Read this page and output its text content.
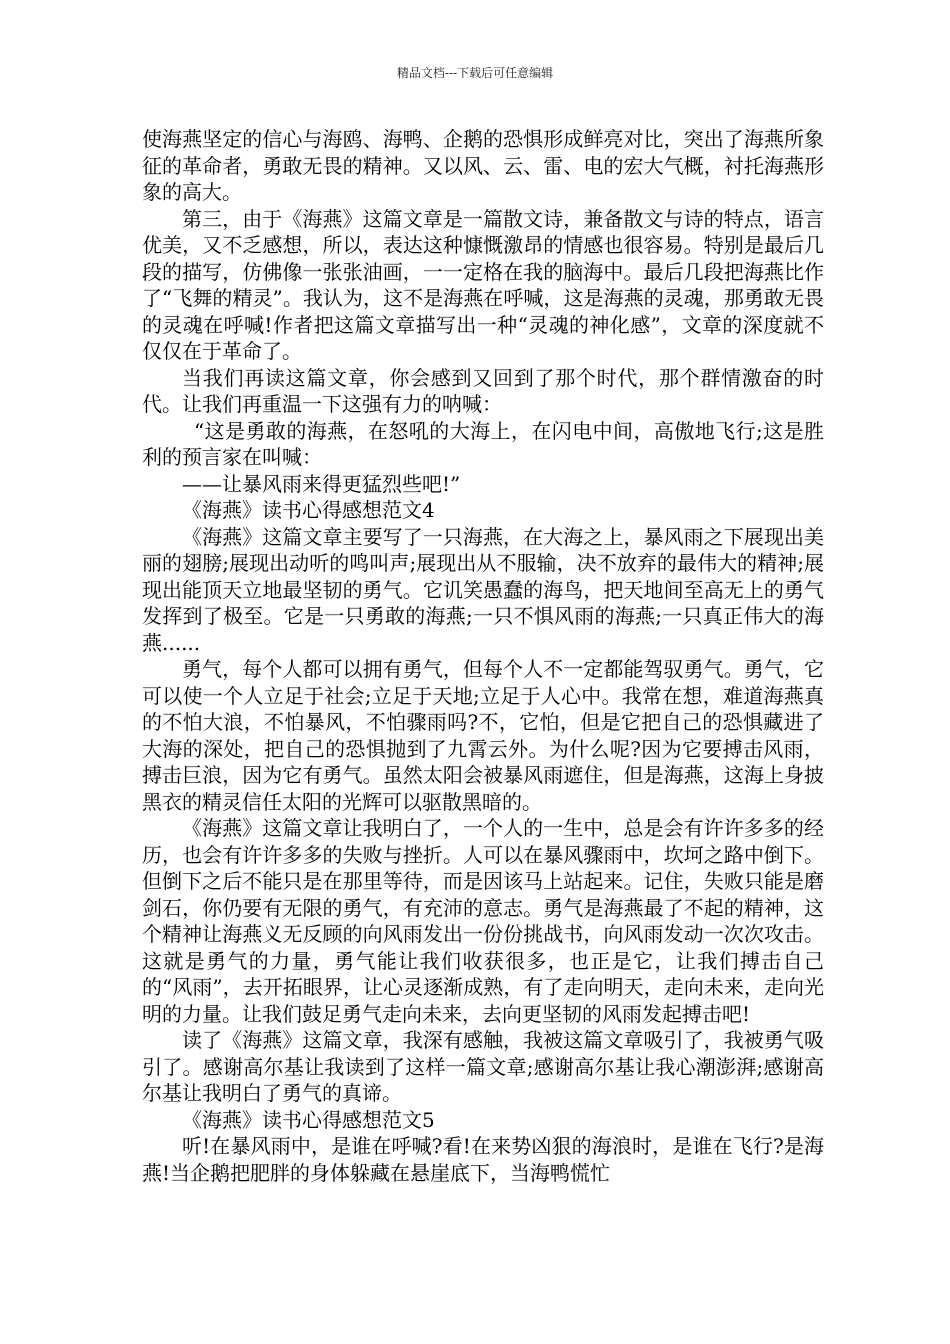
精品文档---下载后可任意编辑

使海燕坚定的信心与海鸥、海鸭、企鹅的恐惧形成鲜亮对比，突出了海燕所象征的革命者，勇敢无畏的精神。又以风、云、雷、电的宏大气概，衬托海燕形象的高大。

第三，由于《海燕》这篇文章是一篇散文诗，兼备散文与诗的特点，语言优美，又不乏感想，所以，表达这种慷慨激昂的情感也很容易。特别是最后几段的描写，仿佛像一张张油画，一一定格在我的脑海中。最后几段把海燕比作了“飞舞的精灵”。我认为，这不是海燕在呼喊，这是海燕的灵魂，那勇敢无畏的灵魂在呼喊!作者把这篇文章描写出一种“灵魂的神化感”，文章的深度就不仅仅在于革命了。

当我们再读这篇文章，你会感到又回到了那个时代，那个群情激奋的时代。让我们再重温一下这强有力的呐喊：

“这是勇敢的海燕，在怒吼的大海上，在闪电中间，高傲地飞行;这是胜利的预言家在叫喊：

——让暴风雨来得更猛烈些吧!”

《海燕》读书心得感想范文4

《海燕》这篇文章主要写了一只海燕，在大海之上，暴风雨之下展现出美丽的翅膀;展现出动听的鸣叫声;展现出从不服输，决不放弃的最伟大的精神;展现出能顶天立地最坚韧的勇气。它讥笑愚蠢的海鸟，把天地间至高无上的勇气发挥到了极至。它是一只勇敢的海燕;一只不惧风雨的海燕;一只真正伟大的海燕......

勇气，每个人都可以拥有勇气，但每个人不一定都能驾驭勇气。勇气，它可以使一个人立足于社会;立足于天地;立足于人心中。我常在想，难道海燕真的不怕大浪，不怕暴风，不怕骤雨吗?不，它怕，但是它把自己的恐惧藏进了大海的深处，把自己的恐惧抛到了九霄云外。为什么呢?因为它要搏击风雨，搏击巨浪，因为它有勇气。虽然太阳会被暴风雨遮住，但是海燕，这海上身披黑衣的精灵信任太阳的光辉可以驱散黑暗的。

《海燕》这篇文章让我明白了，一个人的一生中，总是会有许许多多的经历，也会有许许多多的失败与挫折。人可以在暴风骤雨中，坎坷之路中倒下。但倒下之后不能只是在那里等待，而是因该马上站起来。记住，失败只能是磨剑石，你仍要有无限的勇气，有充沛的意志。勇气是海燕最了不起的精神，这个精神让海燕义无反顾的向风雨发出一份份挑战书，向风雨发动一次次攻击。这就是勇气的力量，勇气能让我们收获很多，也正是它，让我们搏击自己的“风雨”，去开拓眼界，让心灵逐渐成熟，有了走向明天，走向未来，走向光明的力量。让我们鼓足勇气走向未来，去向更坚韧的风雨发起搏击吧!

读了《海燕》这篇文章，我深有感触，我被这篇文章吸引了，我被勇气吸引了。感谢高尔基让我读到了这样一篇文章;感谢高尔基让我心潮澎湃;感谢高尔基让我明白了勇气的真谛。

《海燕》读书心得感想范文5

听!在暴风雨中，是谁在呼喊?看!在来势凶狠的海浪时，是谁在飞行?是海燕!当企鹅把肥胖的身体躲藏在悬崖底下，当海鸭慌忙
